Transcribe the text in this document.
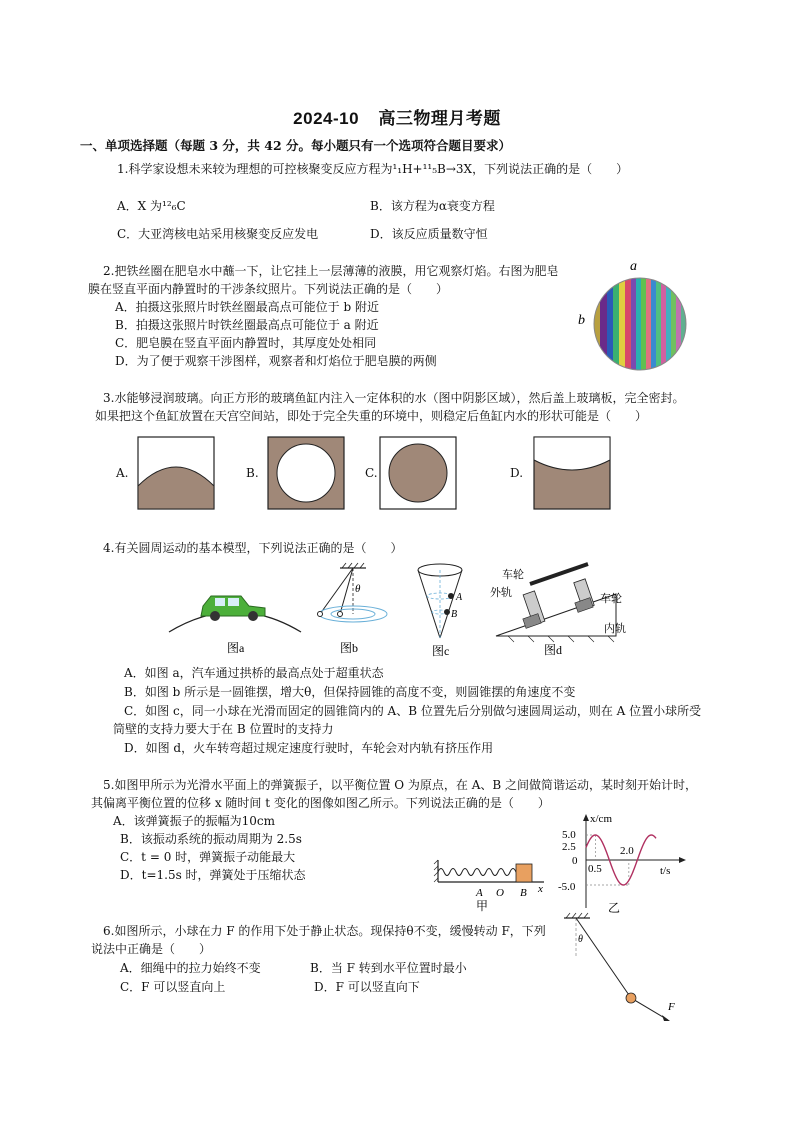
2024-10 高三物理月考题
一、单项选择题（每题 3 分，共 42 分。每小题只有一个选项符合题目要求）
1.科学家设想未来较为理想的可控核聚变反应方程为¹₁H+¹¹₅B→3X，下列说法正确的是（　　）
A．X 为¹²₆C	B．该方程为α衰变方程
C．大亚湾核电站采用核聚变反应发电	D．该反应质量数守恒
2.把铁丝圈在肥皂水中蘸一下，让它挂上一层薄薄的液膜，用它观察灯焰。右图为肥皂
膜在竖直平面内静置时的干涉条纹照片。下列说法正确的是（　　）
A．拍摄这张照片时铁丝圈最高点可能位于 b 附近
B．拍摄这张照片时铁丝圈最高点可能位于 a 附近
C．肥皂膜在竖直平面内静置时，其厚度处处相同
D．为了便于观察干涉图样，观察者和灯焰位于肥皂膜的两侧
a
b
3.水能够浸润玻璃。向正方形的玻璃鱼缸内注入一定体积的水（图中阴影区域），然后盖上玻璃板，完全密封。
如果把这个鱼缸放置在天宫空间站，即处于完全失重的环境中，则稳定后鱼缸内水的形状可能是（　　）
A.	B.	C.	D.
4.有关圆周运动的基本模型，下列说法正确的是（　　）
图a
θ
图b
A
B
图c
车轮
外轨	车轮
内轨
图d
A．如图 a，汽车通过拱桥的最高点处于超重状态
B．如图 b 所示是一圆锥摆，增大θ，但保持圆锥的高度不变，则圆锥摆的角速度不变
C．如图 c，同一小球在光滑而固定的圆锥筒内的 A、B 位置先后分别做匀速圆周运动，则在 A 位置小球所受
筒壁的支持力要大于在 B 位置时的支持力
D．如图 d，火车转弯超过规定速度行驶时，车轮会对内轨有挤压作用
5.如图甲所示为光滑水平面上的弹簧振子，以平衡位置 O 为原点，在 A、B 之间做简谐运动，某时刻开始计时，
其偏离平衡位置的位移 x 随时间 t 变化的图像如图乙所示。下列说法正确的是（　　）
A．该弹簧振子的振幅为10cm
B．该振动系统的振动周期为 2.5s
C．t = 0 时，弹簧振子动能最大
D．t=1.5s 时，弹簧处于压缩状态
A O B x
甲
x/cm
t/s
5.0
2.5
0
-5.0
0.5
2.0
乙
6.如图所示，小球在力 F 的作用下处于静止状态。现保持θ不变，缓慢转动 F，下列
说法中正确是（　　）
A．细绳中的拉力始终不变	B．当 F 转到水平位置时最小
C．F 可以竖直向上	D．F 可以竖直向下
θ
F
